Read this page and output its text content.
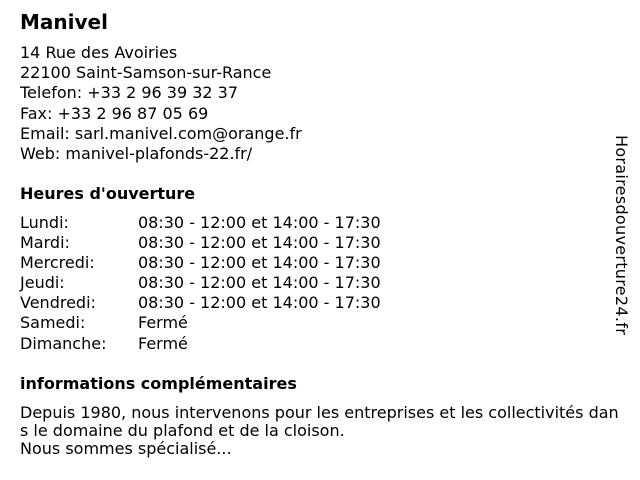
Manivel
14 Rue des Avoiries
22100 Saint-Samson-sur-Rance
Telefon: +33 2 96 39 32 37
Fax: +33 2 96 87 05 69
Email: sarl.manivel.com@orange.fr
Web: manivel-plafonds-22.fr/
Heures d'ouverture
Lundi:	08:30 - 12:00 et 14:00 - 17:30
Mardi:	08:30 - 12:00 et 14:00 - 17:30
Mercredi:	08:30 - 12:00 et 14:00 - 17:30
Jeudi:	08:30 - 12:00 et 14:00 - 17:30
Vendredi:	08:30 - 12:00 et 14:00 - 17:30
Samedi:	Fermé
Dimanche: Fermé
informations complémentaires
Depuis 1980, nous intervenons pour les entreprises et les collectivités dans le domaine du plafond et de la cloison.
Nous sommes spécialisé...
Horairesdouverture24.fr
